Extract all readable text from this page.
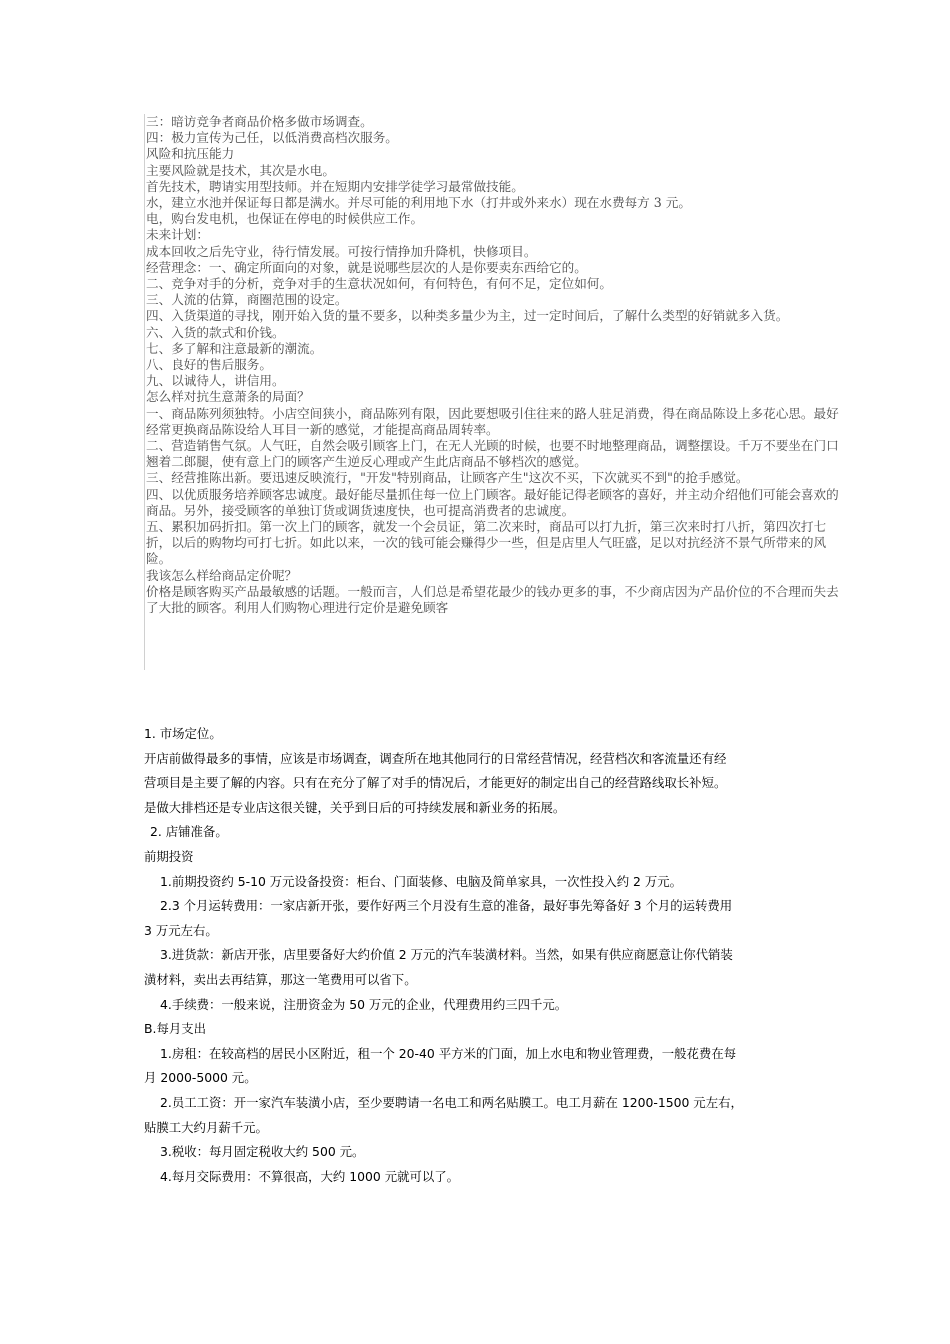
三：暗访竞争者商品价格多做市场调查。
四：极力宣传为己任，以低消费高档次服务。
风险和抗压能力
主要风险就是技术，其次是水电。
首先技术，聘请实用型技师。并在短期内安排学徒学习最常做技能。
水，建立水池并保证每日都是满水。并尽可能的利用地下水（打井或外来水）现在水费每方 3 元。
电，购台发电机，也保证在停电的时候供应工作。
未来计划：
成本回收之后先守业，待行情发展。可按行情挣加升降机，快修项目。
经营理念：一、确定所面向的对象，就是说哪些层次的人是你要卖东西给它的。
二、竞争对手的分析，竞争对手的生意状况如何，有何特色，有何不足，定位如何。
三、人流的估算，商圈范围的设定。
四、入货渠道的寻找，刚开始入货的量不要多，以种类多量少为主，过一定时间后，了解什么类型的好销就多入货。
六、入货的款式和价钱。
七、多了解和注意最新的潮流。
八、良好的售后服务。
九、以诚待人，讲信用。
怎么样对抗生意萧条的局面？
一、商品陈列须独特。小店空间狭小，商品陈列有限，因此要想吸引住往来的路人驻足消费，得在商品陈设上多花心思。最好经常更换商品陈设给人耳目一新的感觉，才能提高商品周转率。
二、营造销售气氛。人气旺，自然会吸引顾客上门，在无人光顾的时候，也要不时地整理商品，调整摆设。千万不要坐在门口翘着二郎腿，使有意上门的顾客产生逆反心理或产生此店商品不够档次的感觉。
三、经营推陈出新。要迅速反映流行，"开发"特别商品，让顾客产生"这次不买，下次就买不到"的抢手感觉。
四、以优质服务培养顾客忠诚度。最好能尽量抓住每一位上门顾客。最好能记得老顾客的喜好，并主动介绍他们可能会喜欢的商品。另外，接受顾客的单独订货或调货速度快，也可提高消费者的忠诚度。
五、累积加码折扣。第一次上门的顾客，就发一个会员证，第二次来时，商品可以打九折，第三次来时打八折，第四次打七折，以后的购物均可打七折。如此以来，一次的钱可能会赚得少一些，但是店里人气旺盛，足以对抗经济不景气所带来的风险。
我该怎么样给商品定价呢？
价格是顾客购买产品最敏感的话题。一般而言，人们总是希望花最少的钱办更多的事，不少商店因为产品价位的不合理而失去了大批的顾客。利用人们购物心理进行定价是避免顾客
1. 市场定位。
开店前做得最多的事情，应该是市场调查，调查所在地其他同行的日常经营情况，经营档次和客流量还有经
营项目是主要了解的内容。只有在充分了解了对手的情况后，才能更好的制定出自己的经营路线取长补短。
是做大排档还是专业店这很关键，关乎到日后的可持续发展和新业务的拓展。
2. 店铺准备。
前期投资
1.前期投资约 5-10 万元设备投资：柜台、门面装修、电脑及简单家具，一次性投入约 2 万元。
2.3 个月运转费用：一家店新开张，要作好两三个月没有生意的准备，最好事先筹备好 3 个月的运转费用
3 万元左右。
3.进货款：新店开张，店里要备好大约价值 2 万元的汽车装潢材料。当然，如果有供应商愿意让你代销装
潢材料，卖出去再结算，那这一笔费用可以省下。
4.手续费：一般来说，注册资金为 50 万元的企业，代理费用约三四千元。
B.每月支出
1.房租：在较高档的居民小区附近，租一个 20-40 平方米的门面，加上水电和物业管理费，一般花费在每
月 2000-5000 元。
2.员工工资：开一家汽车装潢小店，至少要聘请一名电工和两名贴膜工。电工月薪在 1200-1500 元左右，
贴膜工大约月薪千元。
3.税收：每月固定税收大约 500 元。
4.每月交际费用：不算很高，大约 1000 元就可以了。
